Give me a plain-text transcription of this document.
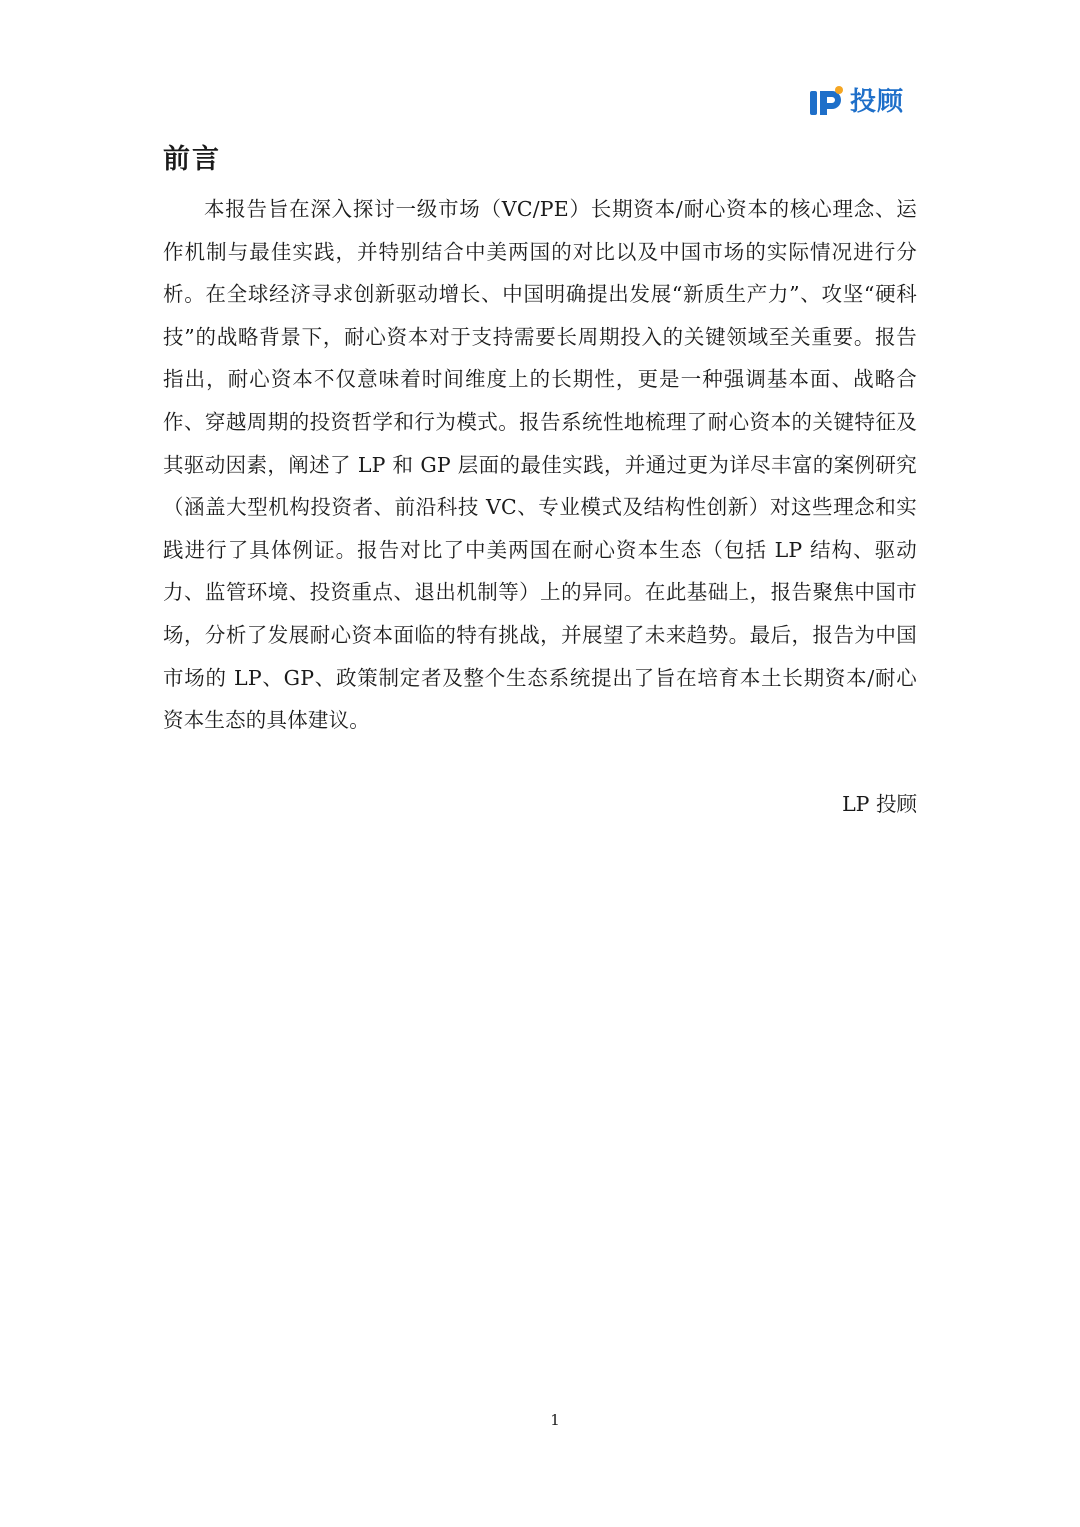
投顾
前言

本报告旨在深入探讨一级市场（VC/PE）长期资本/耐心资本的核心理念、运作机制与最佳实践，并特别结合中美两国的对比以及中国市场的实际情况进行分析。在全球经济寻求创新驱动增长、中国明确提出发展“新质生产力”、攻坚“硬科技”的战略背景下，耐心资本对于支持需要长周期投入的关键领域至关重要。报告指出，耐心资本不仅意味着时间维度上的长期性，更是一种强调基本面、战略合作、穿越周期的投资哲学和行为模式。报告系统性地梳理了耐心资本的关键特征及其驱动因素，阐述了 LP 和 GP 层面的最佳实践，并通过更为详尽丰富的案例研究（涵盖大型机构投资者、前沿科技 VC、专业模式及结构性创新）对这些理念和实践进行了具体例证。报告对比了中美两国在耐心资本生态（包括 LP 结构、驱动力、监管环境、投资重点、退出机制等）上的异同。在此基础上，报告聚焦中国市场，分析了发展耐心资本面临的特有挑战，并展望了未来趋势。最后，报告为中国市场的 LP、GP、政策制定者及整个生态系统提出了旨在培育本土长期资本/耐心资本生态的具体建议。

LP 投顾
1
